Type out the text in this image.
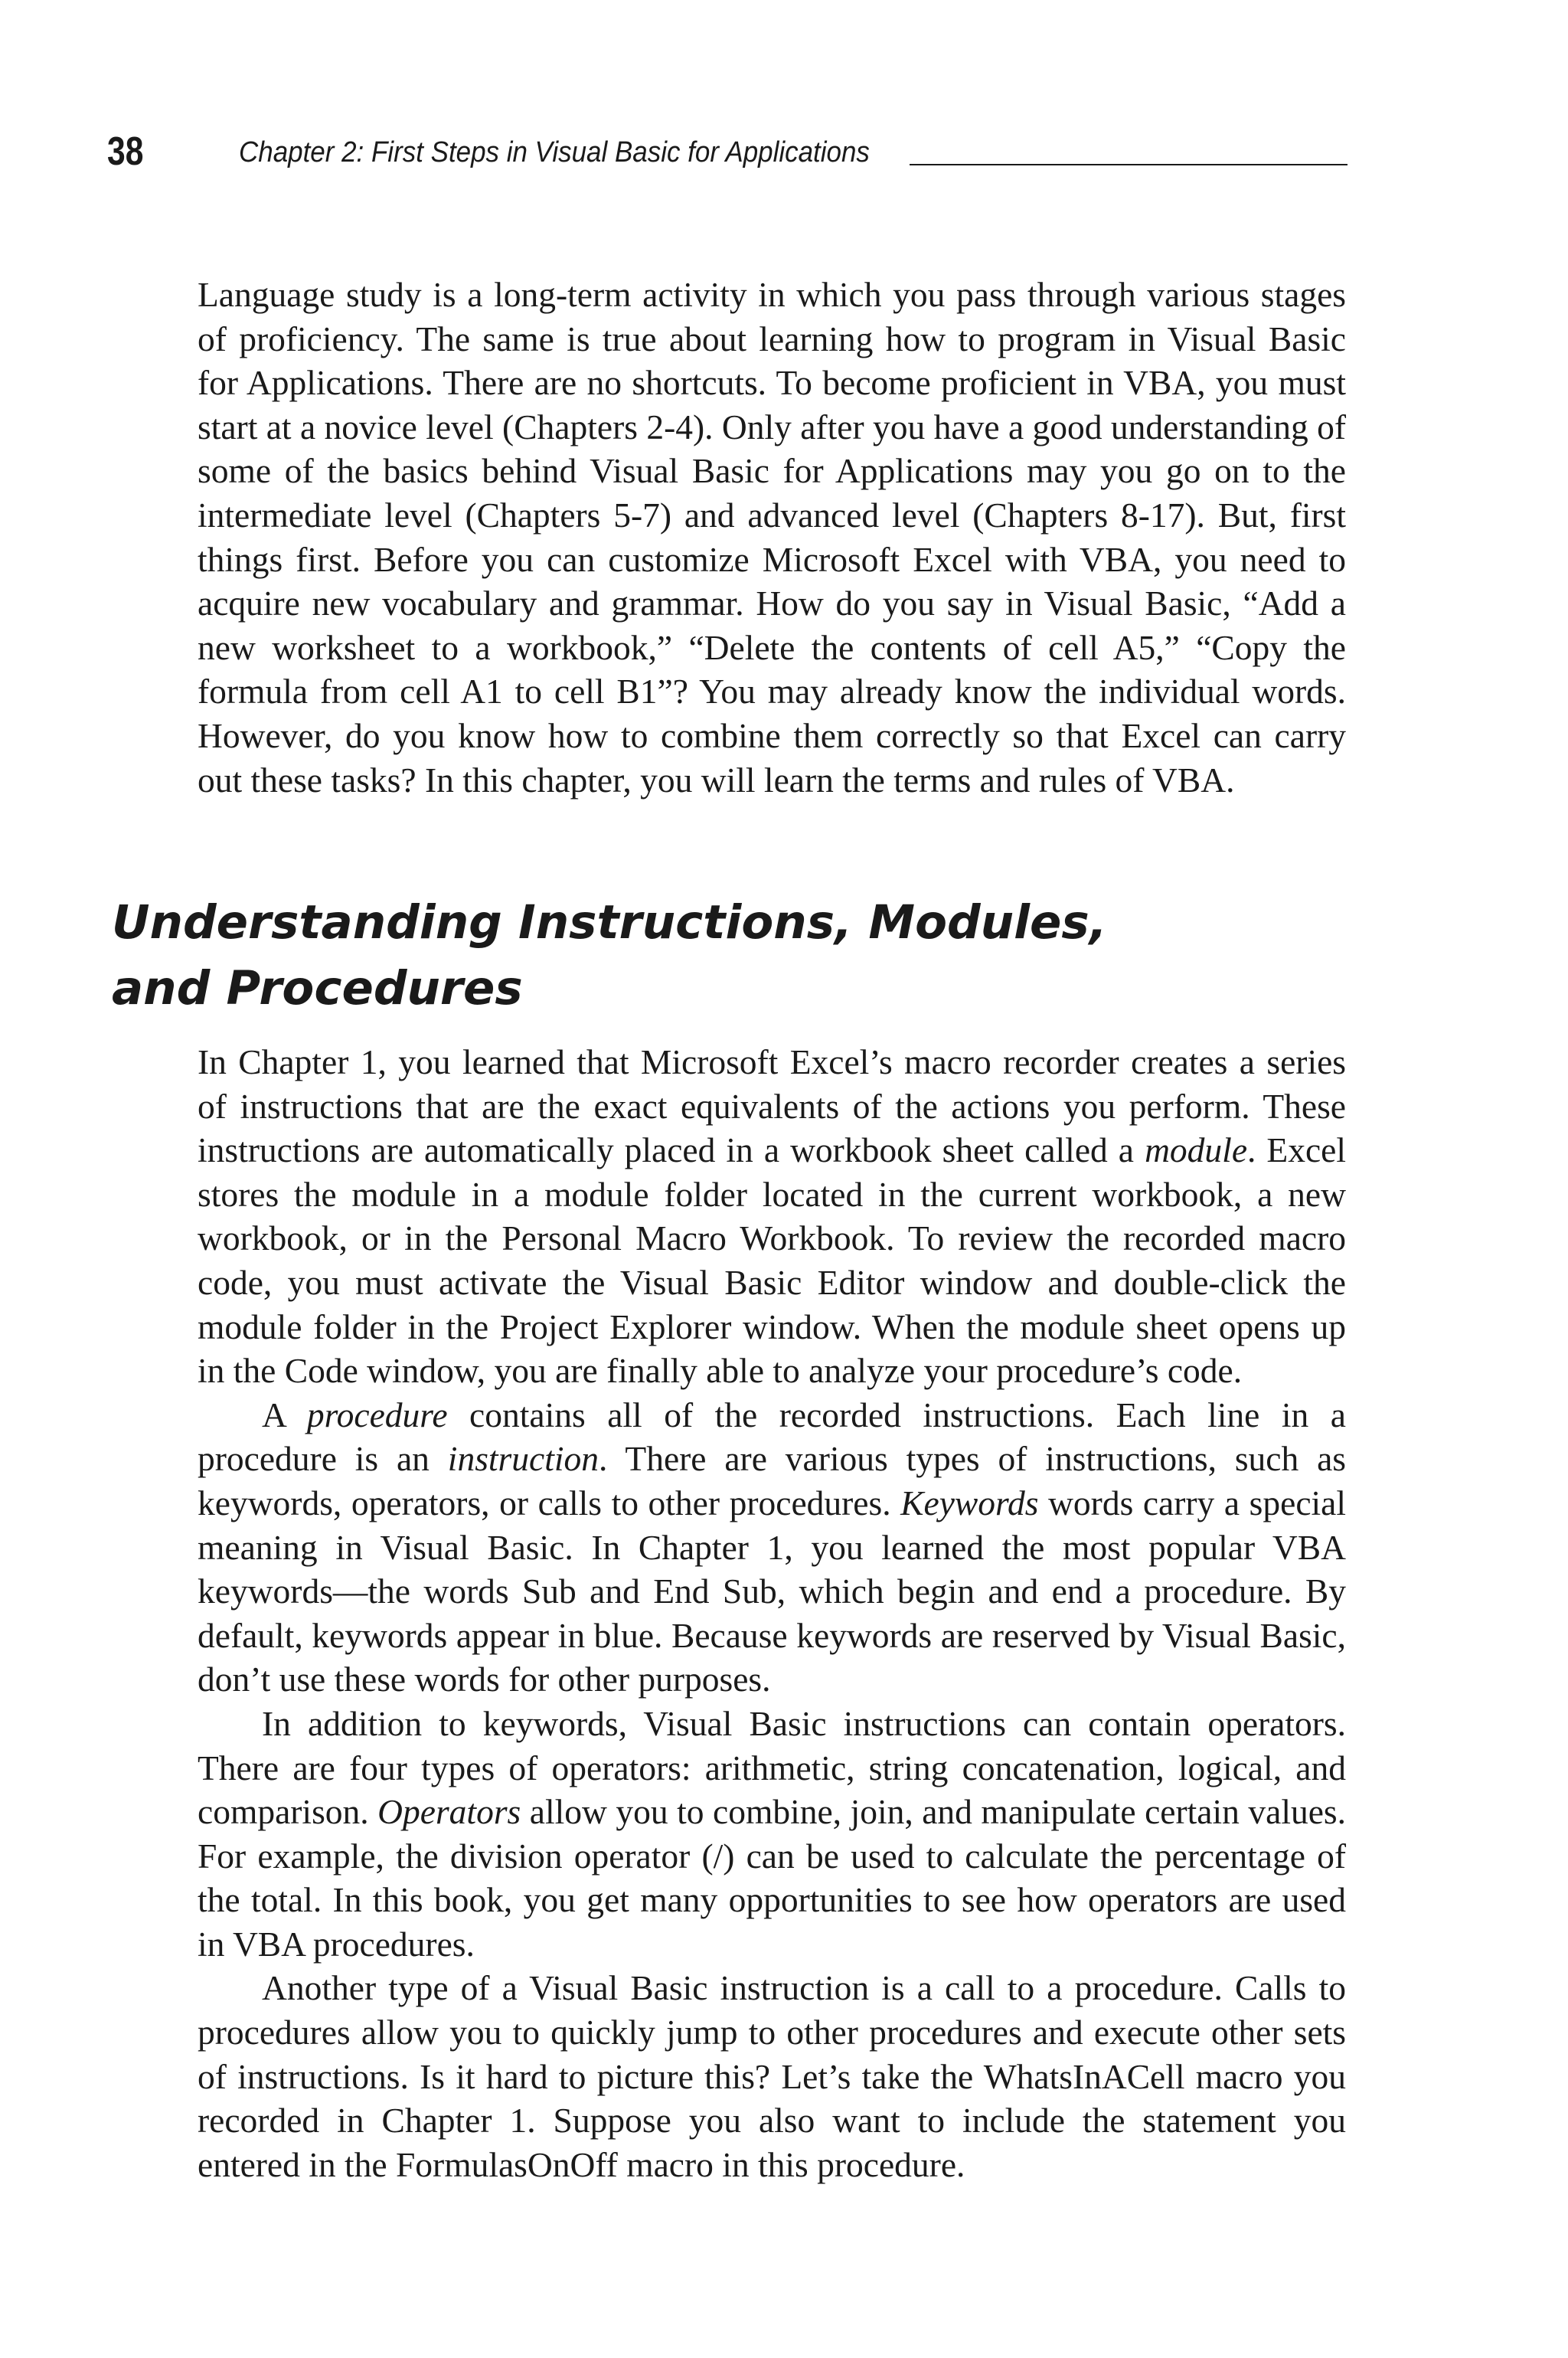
38	Chapter 2: First Steps in Visual Basic for Applications

Language study is a long-term activity in which you pass through various stages of proficiency. The same is true about learning how to program in Visual Basic for Applications. There are no shortcuts. To become proficient in VBA, you must start at a novice level (Chapters 2-4). Only after you have a good understanding of some of the basics behind Visual Basic for Applications may you go on to the intermediate level (Chapters 5-7) and advanced level (Chapters 8-17). But, first things first. Before you can customize Microsoft Excel with VBA, you need to acquire new vocabulary and grammar. How do you say in Visual Basic, “Add a new worksheet to a workbook,” “Delete the contents of cell A5,” “Copy the formula from cell A1 to cell B1”? You may already know the individual words. However, do you know how to combine them correctly so that Excel can carry out these tasks? In this chapter, you will learn the terms and rules of VBA.

Understanding Instructions, Modules,
and Procedures

In Chapter 1, you learned that Microsoft Excel’s macro recorder creates a series of instructions that are the exact equivalents of the actions you perform. These instructions are automatically placed in a workbook sheet called a module. Excel stores the module in a module folder located in the current workbook, a new workbook, or in the Personal Macro Workbook. To review the recorded macro code, you must activate the Visual Basic Editor window and double-click the module folder in the Project Explorer window. When the module sheet opens up in the Code window, you are finally able to analyze your procedure’s code.

A procedure contains all of the recorded instructions. Each line in a procedure is an instruction. There are various types of instructions, such as keywords, operators, or calls to other procedures. Keywords words carry a special meaning in Visual Basic. In Chapter 1, you learned the most popular VBA keywords—the words Sub and End Sub, which begin and end a procedure. By default, keywords appear in blue. Because keywords are reserved by Visual Basic, don’t use these words for other purposes.

In addition to keywords, Visual Basic instructions can contain operators. There are four types of operators: arithmetic, string concatenation, logical, and comparison. Operators allow you to combine, join, and manipulate certain values. For example, the division operator (/) can be used to calculate the percentage of the total. In this book, you get many opportunities to see how operators are used in VBA procedures.

Another type of a Visual Basic instruction is a call to a procedure. Calls to procedures allow you to quickly jump to other procedures and execute other sets of instructions. Is it hard to picture this? Let’s take the WhatsInACell macro you recorded in Chapter 1. Suppose you also want to include the statement you entered in the FormulasOnOff macro in this procedure.
